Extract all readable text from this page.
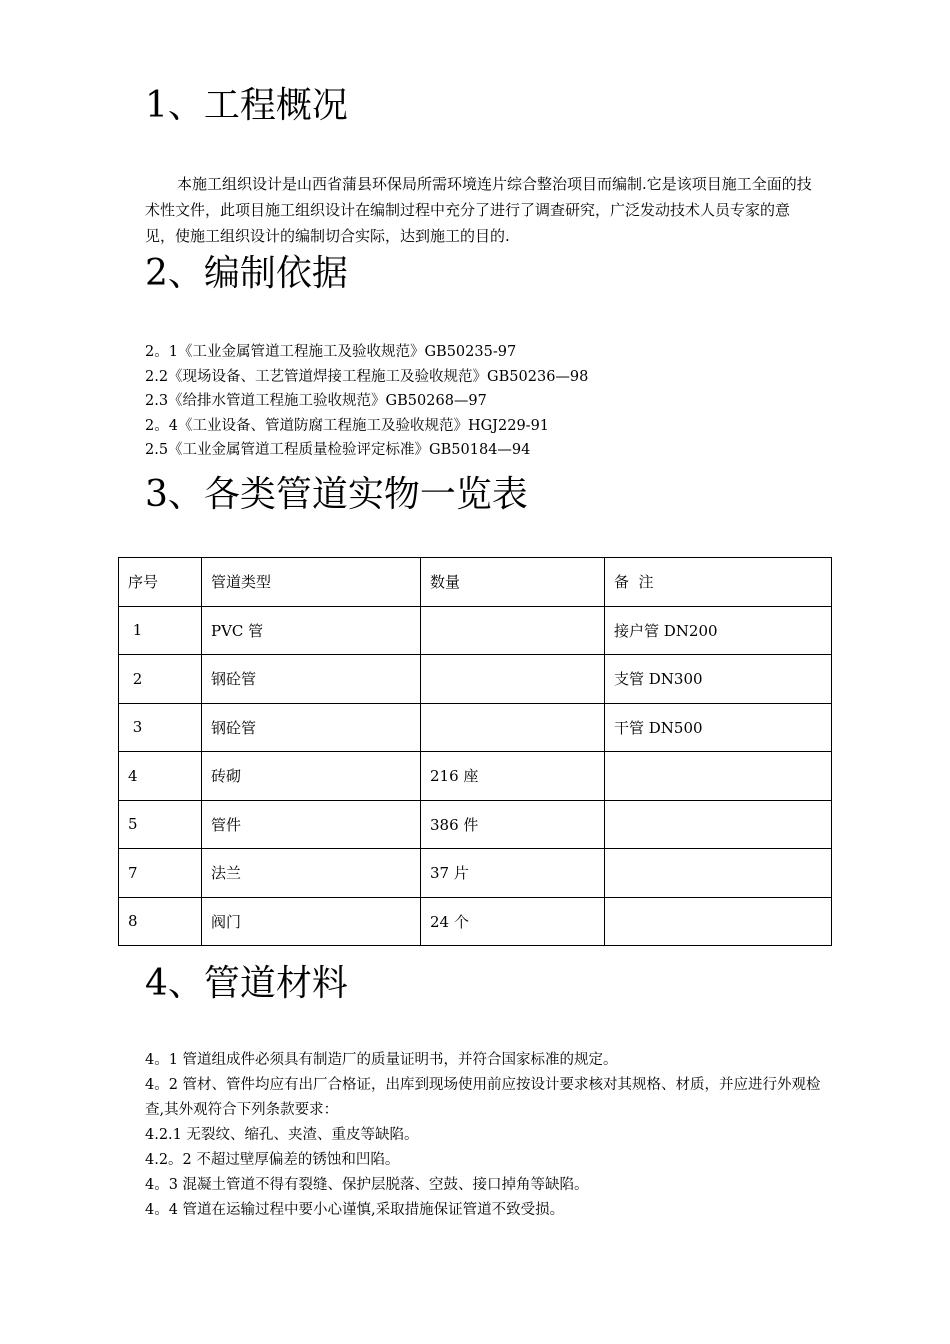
1、工程概况

本施工组织设计是山西省蒲县环保局所需环境连片综合整治项目而编制.它是该项目施工全面的技术性文件，此项目施工组织设计在编制过程中充分了进行了调查研究，广泛发动技术人员专家的意见，使施工组织设计的编制切合实际，达到施工的目的.

2、编制依据
2。1《工业金属管道工程施工及验收规范》GB50235-97
2.2《现场设备、工艺管道焊接工程施工及验收规范》GB50236—98
2.3《给排水管道工程施工验收规范》GB50268—97
2。4《工业设备、管道防腐工程施工及验收规范》HGJ229-91
2.5《工业金属管道工程质量检验评定标准》GB50184—94
3、各类管道实物一览表
序号	管道类型	数量	备  注
1	PVC 管		接户管 DN200
2	钢砼管		支管 DN300
3	钢砼管		干管 DN500
4	砖砌	216 座	
5	管件	386 件	
7	法兰	37 片	
8	阀门	24 个	
4、管道材料
4。1 管道组成件必须具有制造厂的质量证明书，并符合国家标准的规定。
4。2 管材、管件均应有出厂合格证，出库到现场使用前应按设计要求核对其规格、材质，并应进行外观检查,其外观符合下列条款要求：
4.2.1 无裂纹、缩孔、夹渣、重皮等缺陷。
4.2。2 不超过壁厚偏差的锈蚀和凹陷。
4。3 混凝土管道不得有裂缝、保护层脱落、空鼓、接口掉角等缺陷。
4。4 管道在运输过程中要小心谨慎,采取措施保证管道不致受损。
